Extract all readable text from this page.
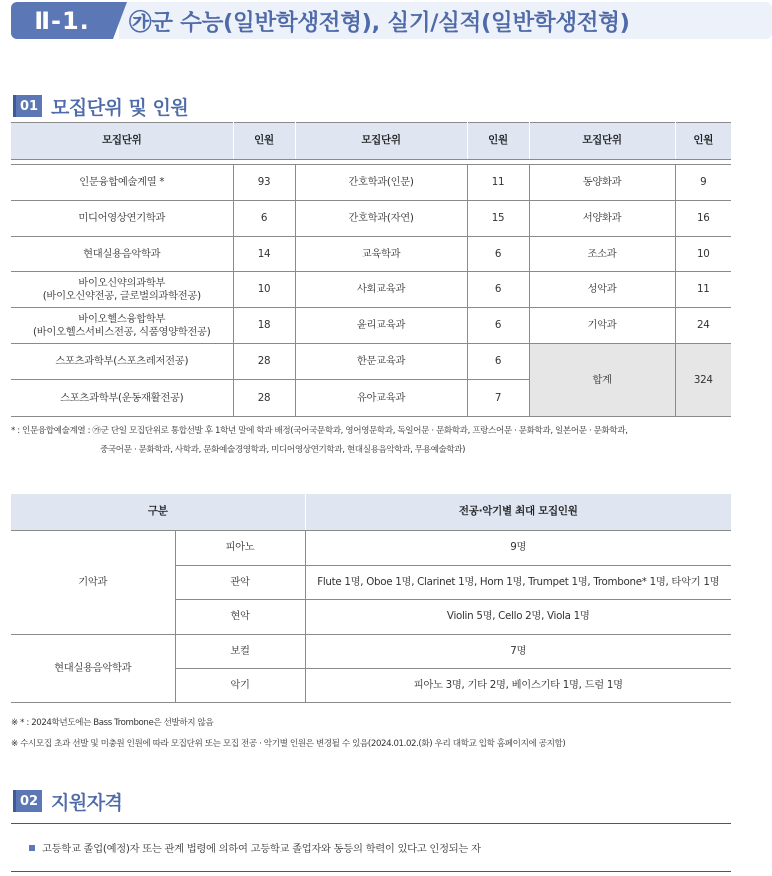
Ⅱ-1.	㉮군 수능(일반학생전형), 실기/실적(일반학생전형)
01 모집단위 및 인원
모집단위	인원	모집단위	인원	모집단위	인원

인문융합예술계열 *	93	간호학과(인문)	11	동양화과	9
미디어영상연기학과	6	간호학과(자연)	15	서양화과	16
현대실용음악학과	14	교육학과	6	조소과	10

바이오신약의과학부
(바이오신약전공, 글로벌의과학전공)	10	사회교육과	6	성악과	11

바이오헬스융합학부
(바이오헬스서비스전공, 식품영양학전공)	18	윤리교육과	6	기악과	24
스포츠과학부(스포츠레저전공)	28	한문교육과	6	합계	324
스포츠과학부(운동재활전공)	28	유아교육과	7		
* : 인문융합예술계열 : ㉮군 단일 모집단위로 통합선발 후 1학년 말에 학과 배정(국어국문학과, 영어영문학과, 독일어문 · 문화학과, 프랑스어문 · 문화학과, 일본어문 · 문화학과,
중국어문 · 문화학과, 사학과, 문화예술경영학과, 미디어영상연기학과, 현대실용음악학과, 무용예술학과)
구분		전공·악기별 최대 모집인원
기악과	피아노	9명
	관악	Flute 1명, Oboe 1명, Clarinet 1명, Horn 1명, Trumpet 1명, Trombone* 1명, 타악기 1명
	현악	Violin 5명, Cello 2명, Viola 1명
현대실용음악학과	보컬	7명
	악기	피아노 3명, 기타 2명, 베이스기타 1명, 드럼 1명
※ * : 2024학년도에는 Bass Trombone은 선발하지 않음
※ 수시모집 초과 선발 및 미충원 인원에 따라 모집단위 또는 모집 전공 · 악기별 인원은 변경될 수 있음(2024.01.02.(화) 우리 대학교 입학 홈페이지에 공지함)
02 지원자격
고등학교 졸업(예정)자 또는 관계 법령에 의하여 고등학교 졸업자와 동등의 학력이 있다고 인정되는 자
